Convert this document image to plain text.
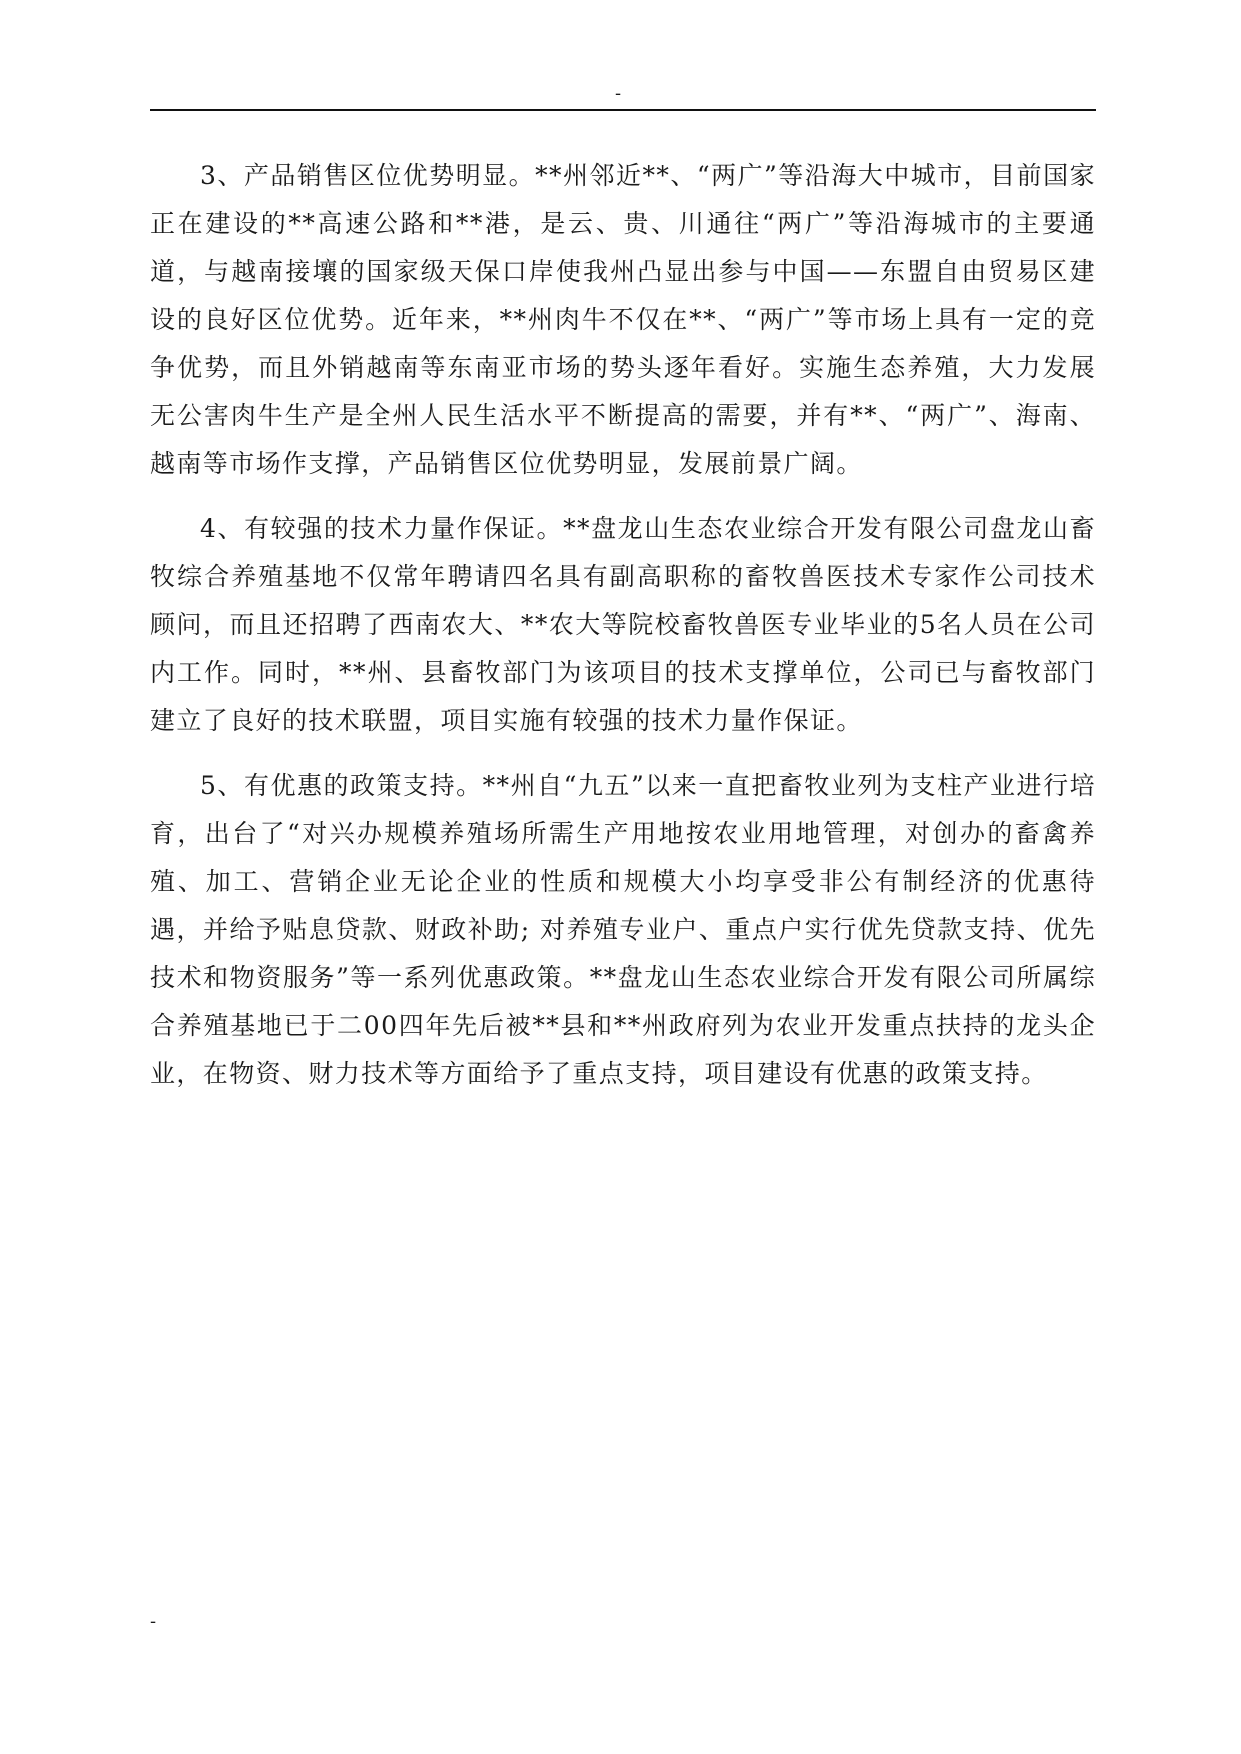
-

3、产品销售区位优势明显。**州邻近**、“两广”等沿海大中城市，目前国家正在建设的**高速公路和**港，是云、贵、川通往“两广”等沿海城市的主要通道，与越南接壤的国家级天保口岸使我州凸显出参与中国——东盟自由贸易区建设的良好区位优势。近年来，**州肉牛不仅在**、“两广”等市场上具有一定的竞争优势，而且外销越南等东南亚市场的势头逐年看好。实施生态养殖，大力发展无公害肉牛生产是全州人民生活水平不断提高的需要，并有**、“两广”、海南、越南等市场作支撑，产品销售区位优势明显，发展前景广阔。

4、有较强的技术力量作保证。**盘龙山生态农业综合开发有限公司盘龙山畜牧综合养殖基地不仅常年聘请四名具有副高职称的畜牧兽医技术专家作公司技术顾问，而且还招聘了西南农大、**农大等院校畜牧兽医专业毕业的5名人员在公司内工作。同时，**州、县畜牧部门为该项目的技术支撑单位，公司已与畜牧部门建立了良好的技术联盟，项目实施有较强的技术力量作保证。

5、有优惠的政策支持。**州自“九五”以来一直把畜牧业列为支柱产业进行培育，出台了“对兴办规模养殖场所需生产用地按农业用地管理，对创办的畜禽养殖、加工、营销企业无论企业的性质和规模大小均享受非公有制经济的优惠待遇，并给予贴息贷款、财政补助; 对养殖专业户、重点户实行优先贷款支持、优先技术和物资服务”等一系列优惠政策。**盘龙山生态农业综合开发有限公司所属综合养殖基地已于二00四年先后被**县和**州政府列为农业开发重点扶持的龙头企业，在物资、财力技术等方面给予了重点支持，项目建设有优惠的政策支持。

-
